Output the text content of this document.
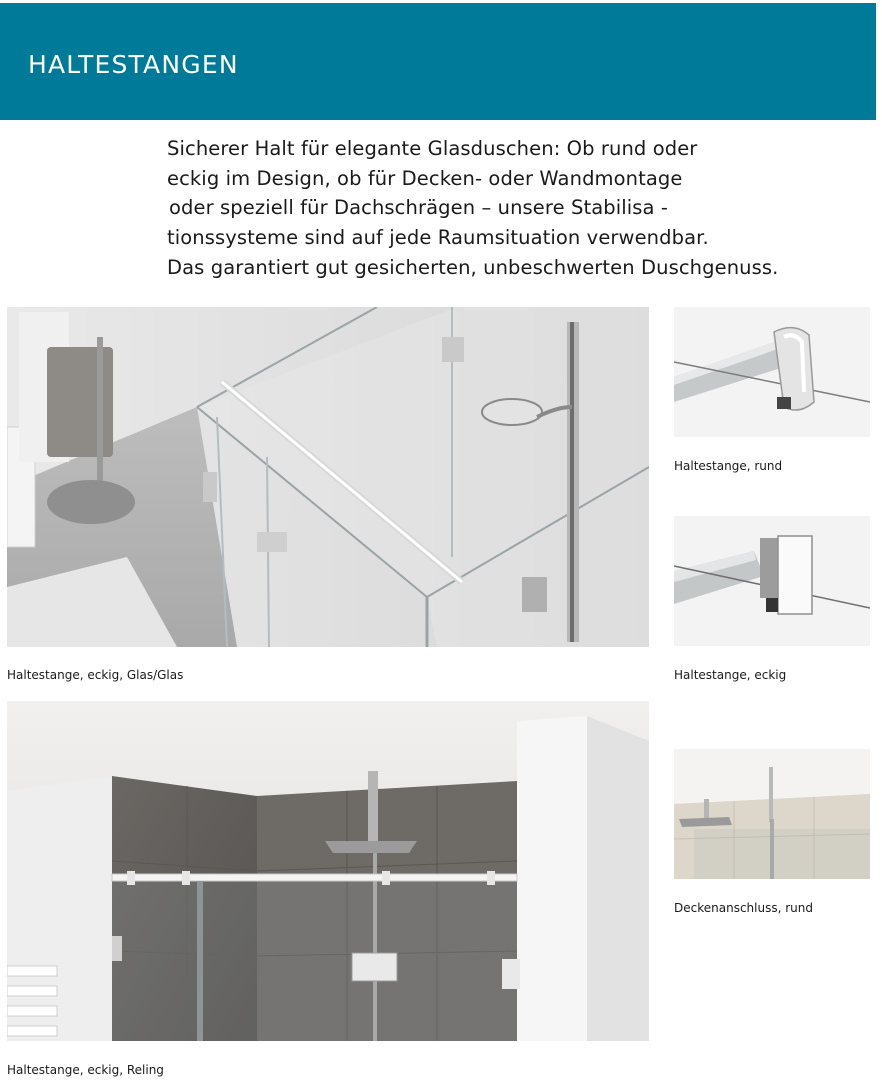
HALTESTANGEN
Sicherer Halt für elegante Glasduschen: Ob rund oder
eckig im Design, ob für Decken- oder Wandmontage
oder speziell für Dachschrägen – unsere Stabilisa -
tionssysteme sind auf jede Raumsituation verwendbar.
Das garantiert gut gesicherten, unbeschwerten Duschgenuss.
Haltestange, rund
Haltestange, eckig, Glas/Glas	Haltestange, eckig
Deckenanschluss, rund
Haltestange, eckig, Reling
